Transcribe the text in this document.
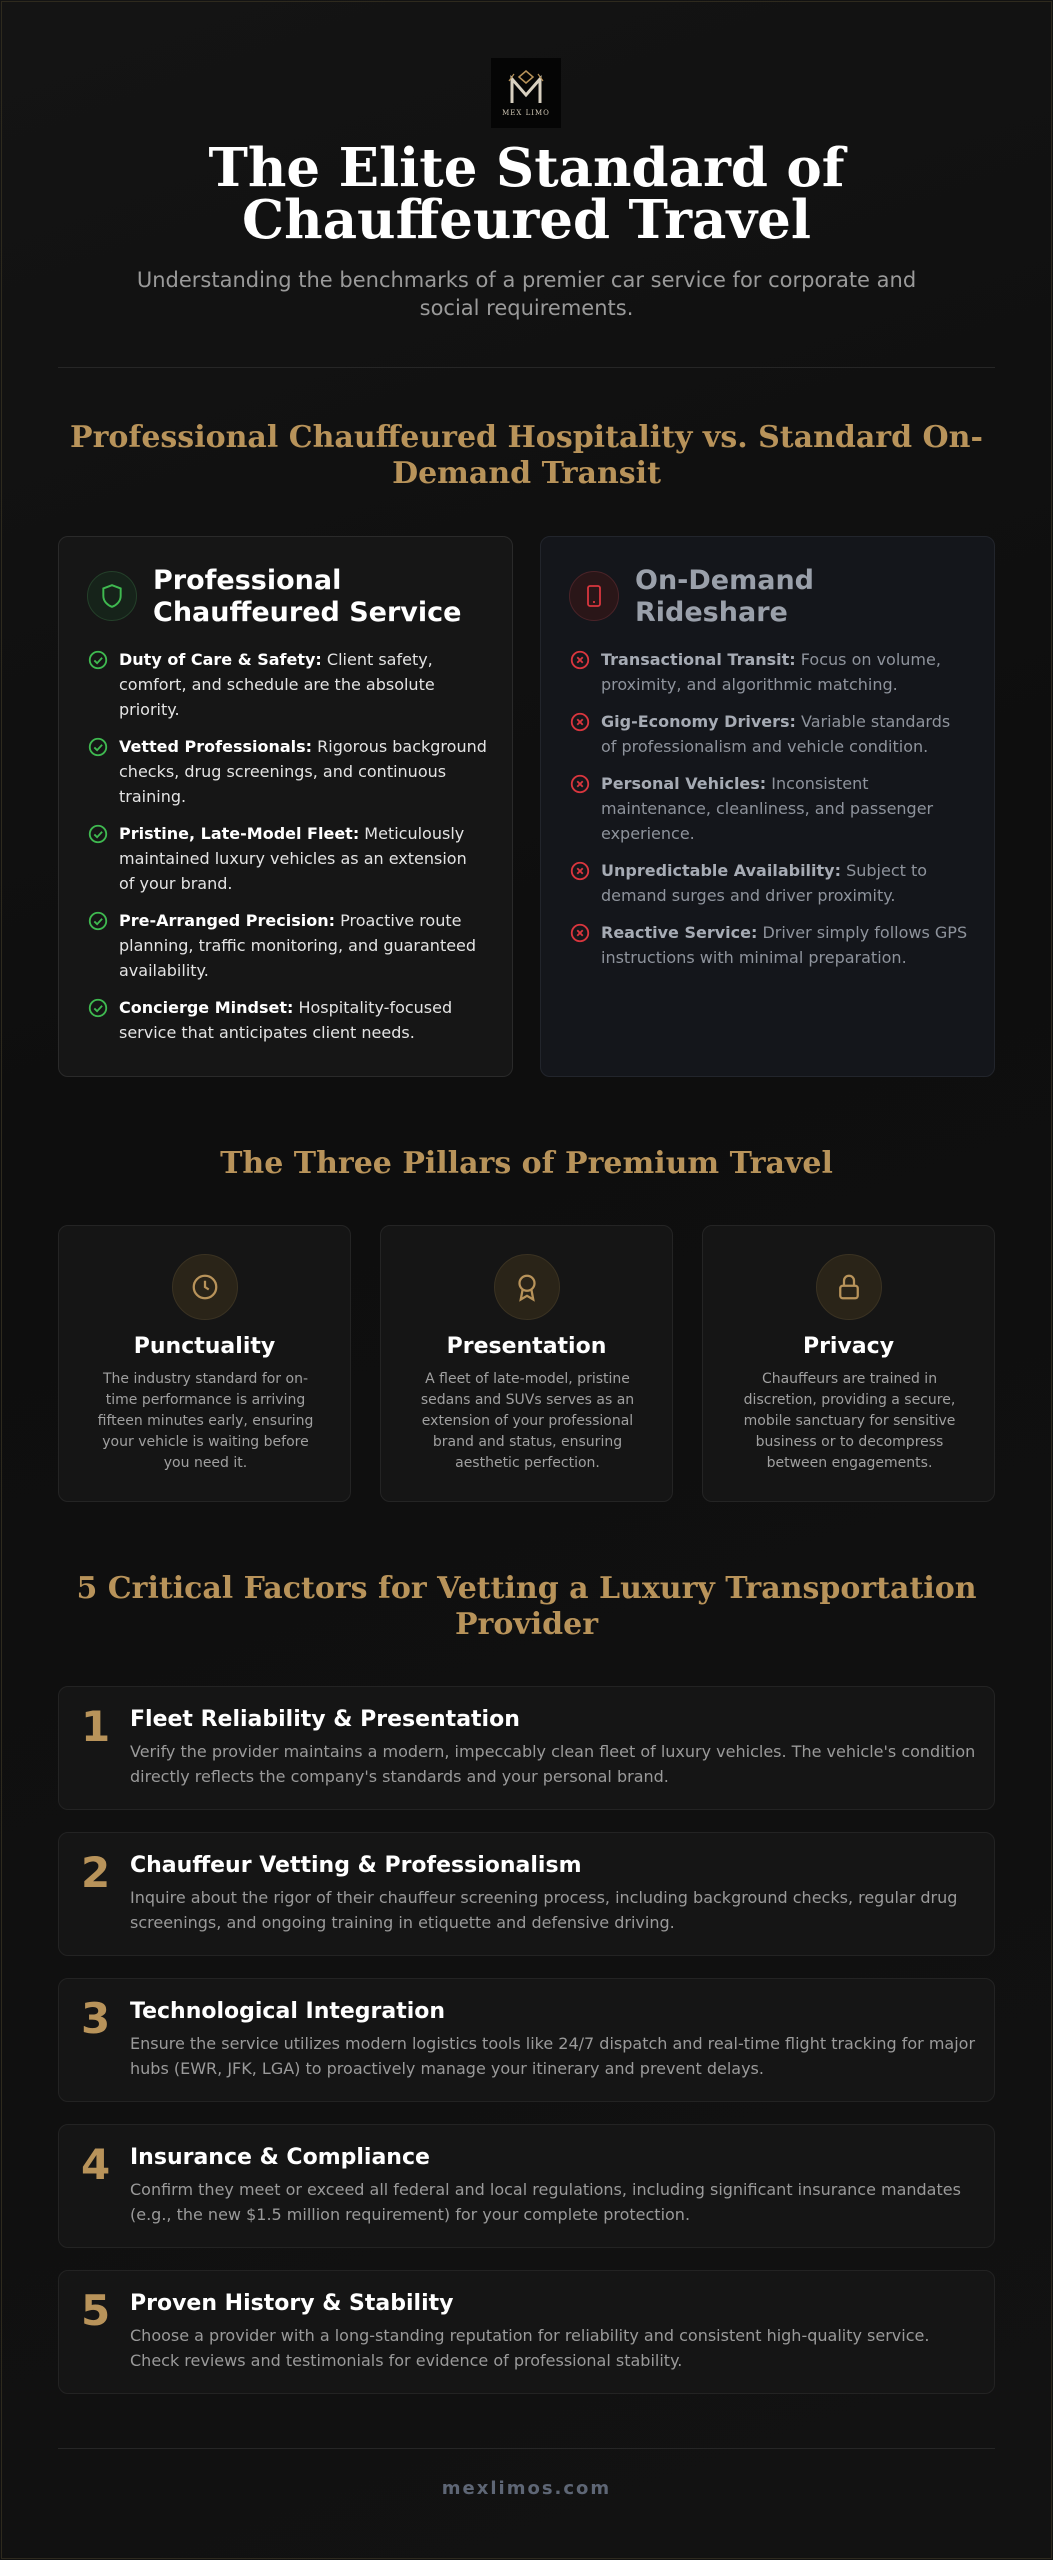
MEX LIMO
The Elite Standard of Chauffeured Travel

Understanding the benchmarks of a premier car service for corporate and social requirements.

Professional Chauffeured Hospitality vs. Standard On-Demand Transit
Professional Chauffeured Service
Duty of Care & Safety: Client safety, comfort, and schedule are the absolute priority.
Vetted Professionals: Rigorous background checks, drug screenings, and continuous training.
Pristine, Late-Model Fleet: Meticulously maintained luxury vehicles as an extension of your brand.
Pre-Arranged Precision: Proactive route planning, traffic monitoring, and guaranteed availability.
Concierge Mindset: Hospitality-focused service that anticipates client needs.
On-Demand Rideshare
Transactional Transit: Focus on volume, proximity, and algorithmic matching.
Gig-Economy Drivers: Variable standards of professionalism and vehicle condition.
Personal Vehicles: Inconsistent maintenance, cleanliness, and passenger experience.
Unpredictable Availability: Subject to demand surges and driver proximity.
Reactive Service: Driver simply follows GPS instructions with minimal preparation.
The Three Pillars of Premium Travel
Punctuality
The industry standard for on-time performance is arriving fifteen minutes early, ensuring your vehicle is waiting before you need it.
Presentation
A fleet of late-model, pristine sedans and SUVs serves as an extension of your professional brand and status, ensuring aesthetic perfection.
Privacy
Chauffeurs are trained in discretion, providing a secure, mobile sanctuary for sensitive business or to decompress between engagements.
5 Critical Factors for Vetting a Luxury Transportation Provider
1 Fleet Reliability & Presentation
Verify the provider maintains a modern, impeccably clean fleet of luxury vehicles. The vehicle's condition directly reflects the company's standards and your personal brand.
2 Chauffeur Vetting & Professionalism
Inquire about the rigor of their chauffeur screening process, including background checks, regular drug screenings, and ongoing training in etiquette and defensive driving.
3 Technological Integration
Ensure the service utilizes modern logistics tools like 24/7 dispatch and real-time flight tracking for major hubs (EWR, JFK, LGA) to proactively manage your itinerary and prevent delays.
4 Insurance & Compliance
Confirm they meet or exceed all federal and local regulations, including significant insurance mandates (e.g., the new $1.5 million requirement) for your complete protection.
5 Proven History & Stability
Choose a provider with a long-standing reputation for reliability and consistent high-quality service. Check reviews and testimonials for evidence of professional stability.
mexlimos.com
